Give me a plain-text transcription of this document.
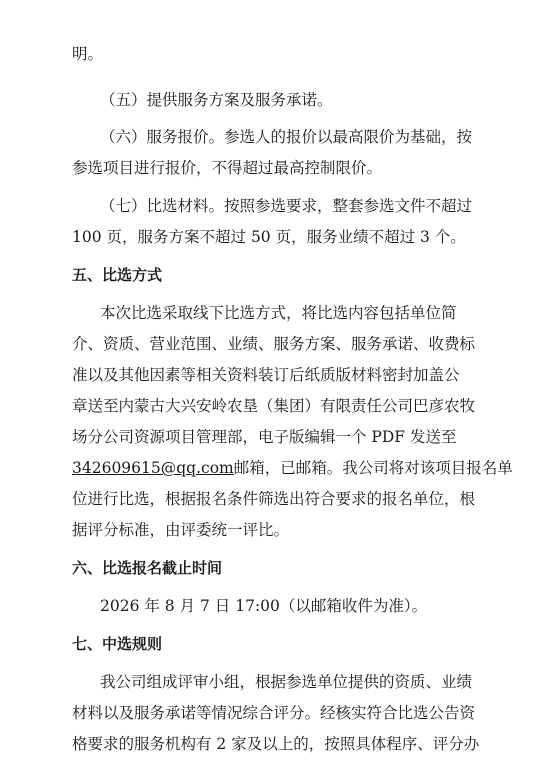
明。
（五）提供服务方案及服务承诺。
（六）服务报价。参选人的报价以最高限价为基础，按
参选项目进行报价，不得超过最高控制限价。
（七）比选材料。按照参选要求，整套参选文件不超过
100 页，服务方案不超过 50 页，服务业绩不超过 3 个。
五、比选方式
本次比选采取线下比选方式，将比选内容包括单位简
介、资质、营业范围、业绩、服务方案、服务承诺、收费标
准以及其他因素等相关资料装订后纸质版材料密封加盖公
章送至内蒙古大兴安岭农垦（集团）有限责任公司巴彦农牧
场分公司资源项目管理部，电子版编辑一个 PDF 发送至
342609615@qq.com邮箱，已邮箱。我公司将对该项目报名单
位进行比选，根据报名条件筛选出符合要求的报名单位，根
据评分标准，由评委统一评比。
六、比选报名截止时间
2026 年 8 月 7 日 17:00（以邮箱收件为准）。
七、中选规则
我公司组成评审小组，根据参选单位提供的资质、业绩
材料以及服务承诺等情况综合评分。经核实符合比选公告资
格要求的服务机构有 2 家及以上的，按照具体程序、评分办
